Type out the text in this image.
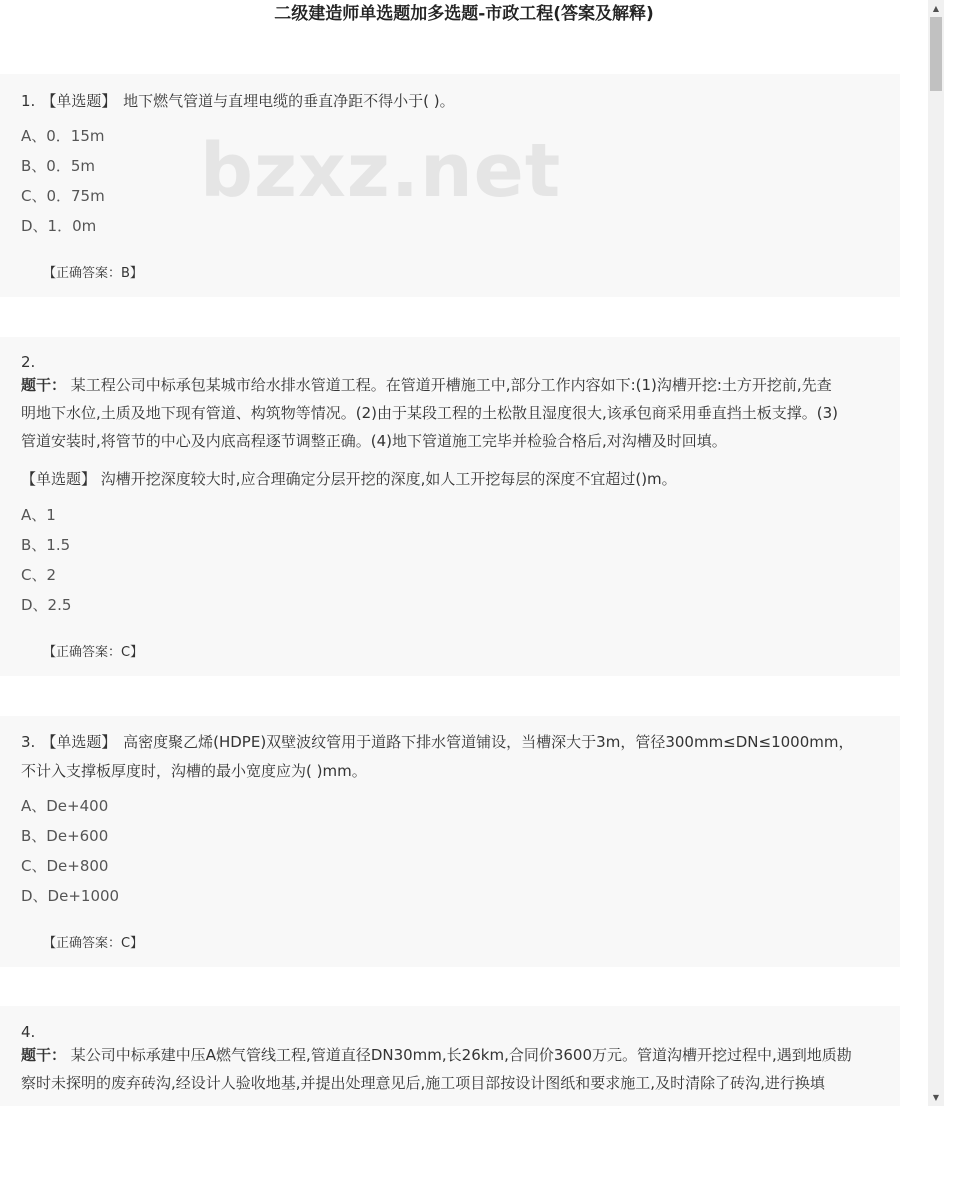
二级建造师单选题加多选题-市政工程(答案及解释)
1. 【单选题】 地下燃气管道与直埋电缆的垂直净距不得小于( )。
A、0．15m
B、0．5m
C、0．75m
D、1．0m
【正确答案：B】
2.
题干： 某工程公司中标承包某城市给水排水管道工程。在管道开槽施工中,部分工作内容如下:(1)沟槽开挖:土方开挖前,先查
明地下水位,土质及地下现有管道、构筑物等情况。(2)由于某段工程的土松散且湿度很大,该承包商采用垂直挡土板支撑。(3)
管道安装时,将管节的中心及内底高程逐节调整正确。(4)地下管道施工完毕并检验合格后,对沟槽及时回填。
【单选题】 沟槽开挖深度较大时,应合理确定分层开挖的深度,如人工开挖每层的深度不宜超过()m。
A、1
B、1.5
C、2
D、2.5
【正确答案：C】
3. 【单选题】 高密度聚乙烯(HDPE)双壁波纹管用于道路下排水管道铺设，当槽深大于3m，管径300mm≤DN≤1000mm，
不计入支撑板厚度时，沟槽的最小宽度应为( )mm。
A、De+400
B、De+600
C、De+800
D、De+1000
【正确答案：C】
4.
题干： 某公司中标承建中压A燃气管线工程,管道直径DN30mm,长26km,合同价3600万元。管道沟槽开挖过程中,遇到地质勘
察时未探明的废弃砖沟,经设计人验收地基,并提出处理意见后,施工项目部按设计图纸和要求施工,及时清除了砖沟,进行换填
bzxz.net
▲
▼
